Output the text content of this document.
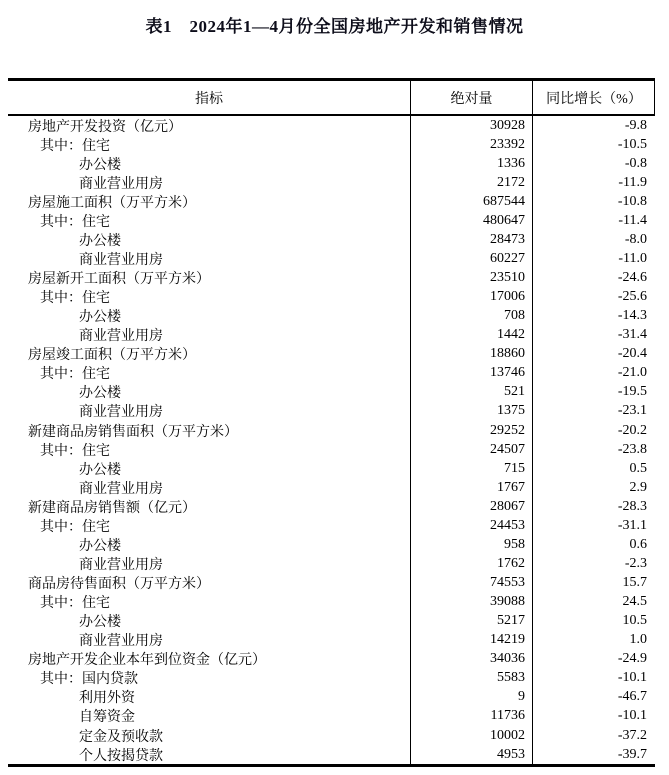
表1　2024年1—4月份全国房地产开发和销售情况
指标	绝对量	同比增长（%）
房地产开发投资（亿元）	30928	-9.8
其中：住宅	23392	-10.5
办公楼	1336	-0.8
商业营业用房	2172	-11.9
房屋施工面积（万平方米）	687544	-10.8
其中：住宅	480647	-11.4
办公楼	28473	-8.0
商业营业用房	60227	-11.0
房屋新开工面积（万平方米）	23510	-24.6
其中：住宅	17006	-25.6
办公楼	708	-14.3
商业营业用房	1442	-31.4
房屋竣工面积（万平方米）	18860	-20.4
其中：住宅	13746	-21.0
办公楼	521	-19.5
商业营业用房	1375	-23.1
新建商品房销售面积（万平方米）	29252	-20.2
其中：住宅	24507	-23.8
办公楼	715	0.5
商业营业用房	1767	2.9
新建商品房销售额（亿元）	28067	-28.3
其中：住宅	24453	-31.1
办公楼	958	0.6
商业营业用房	1762	-2.3
商品房待售面积（万平方米）	74553	15.7
其中：住宅	39088	24.5
办公楼	5217	10.5
商业营业用房	14219	1.0
房地产开发企业本年到位资金（亿元）	34036	-24.9
其中：国内贷款	5583	-10.1
利用外资	9	-46.7
自筹资金	11736	-10.1
定金及预收款	10002	-37.2
个人按揭贷款	4953	-39.7
